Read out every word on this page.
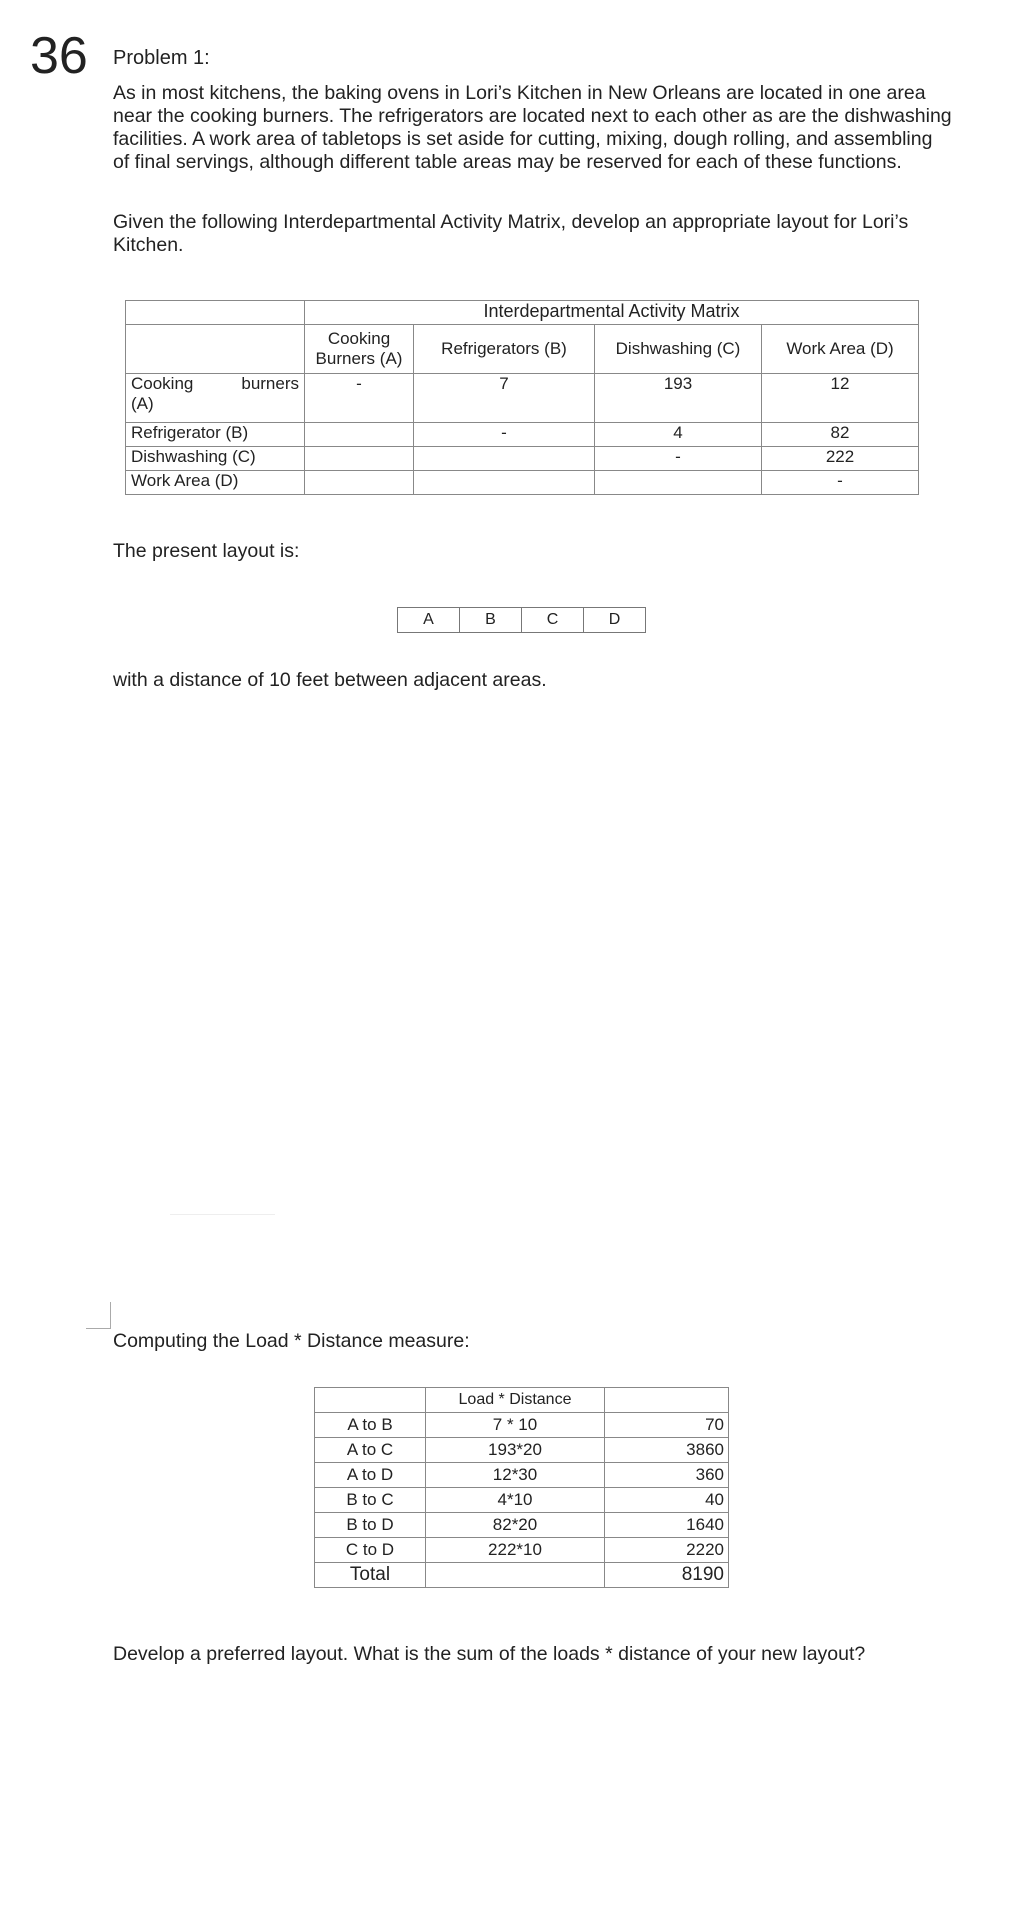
36 Problem 1:
As in most kitchens, the baking ovens in Lori’s Kitchen in New Orleans are located in one area near the cooking burners. The refrigerators are located next to each other as are the dishwashing facilities. A work area of tabletops is set aside for cutting, mixing, dough rolling, and assembling of final servings, although different table areas may be reserved for each of these functions.
Given the following Interdepartmental Activity Matrix, develop an appropriate layout for Lori’s Kitchen.
	Interdepartmental Activity Matrix			
	Cooking Burners (A)	Refrigerators (B)	Dishwashing (C)	Work Area (D)

Cooking burners
(A)	-	7	193	12
Refrigerator (B)		-	4	82
Dishwashing (C)			-	222
Work Area (D)				-
The present layout is:
A	B	C	D
with a distance of 10 feet between adjacent areas.
Computing the Load * Distance measure:
	Load * Distance	
A to B	7 * 10	70
A to C	193*20	3860
A to D	12*30	360
B to C	4*10	40
B to D	82*20	1640
C to D	222*10	2220
Total		8190
Develop a preferred layout. What is the sum of the loads * distance of your new layout?
